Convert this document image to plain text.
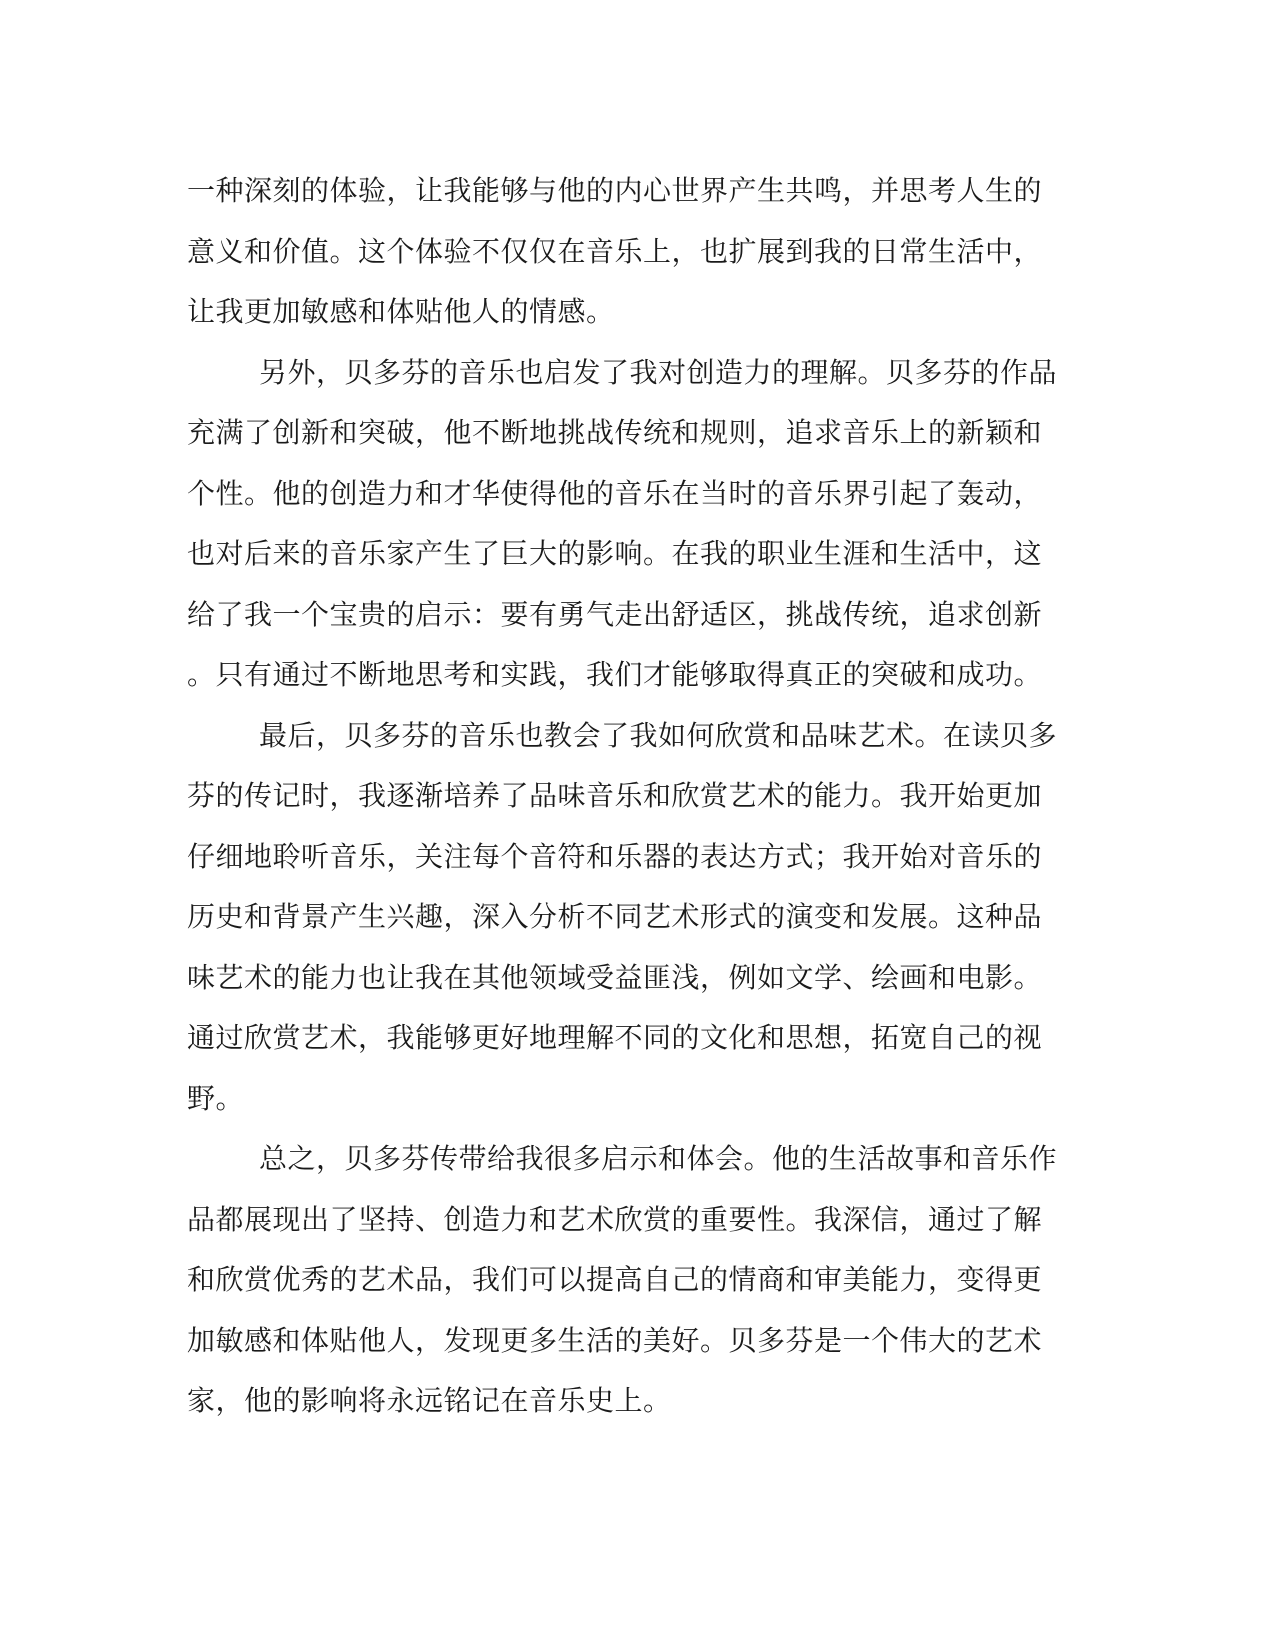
一种深刻的体验，让我能够与他的内心世界产生共鸣，并思考人生的
意义和价值。这个体验不仅仅在音乐上，也扩展到我的日常生活中，
让我更加敏感和体贴他人的情感。
另外，贝多芬的音乐也启发了我对创造力的理解。贝多芬的作品
充满了创新和突破，他不断地挑战传统和规则，追求音乐上的新颖和
个性。他的创造力和才华使得他的音乐在当时的音乐界引起了轰动，
也对后来的音乐家产生了巨大的影响。在我的职业生涯和生活中，这
给了我一个宝贵的启示：要有勇气走出舒适区，挑战传统，追求创新
。只有通过不断地思考和实践，我们才能够取得真正的突破和成功。
最后，贝多芬的音乐也教会了我如何欣赏和品味艺术。在读贝多
芬的传记时，我逐渐培养了品味音乐和欣赏艺术的能力。我开始更加
仔细地聆听音乐，关注每个音符和乐器的表达方式；我开始对音乐的
历史和背景产生兴趣，深入分析不同艺术形式的演变和发展。这种品
味艺术的能力也让我在其他领域受益匪浅，例如文学、绘画和电影。
通过欣赏艺术，我能够更好地理解不同的文化和思想，拓宽自己的视
野。
总之，贝多芬传带给我很多启示和体会。他的生活故事和音乐作
品都展现出了坚持、创造力和艺术欣赏的重要性。我深信，通过了解
和欣赏优秀的艺术品，我们可以提高自己的情商和审美能力，变得更
加敏感和体贴他人，发现更多生活的美好。贝多芬是一个伟大的艺术
家，他的影响将永远铭记在音乐史上。
